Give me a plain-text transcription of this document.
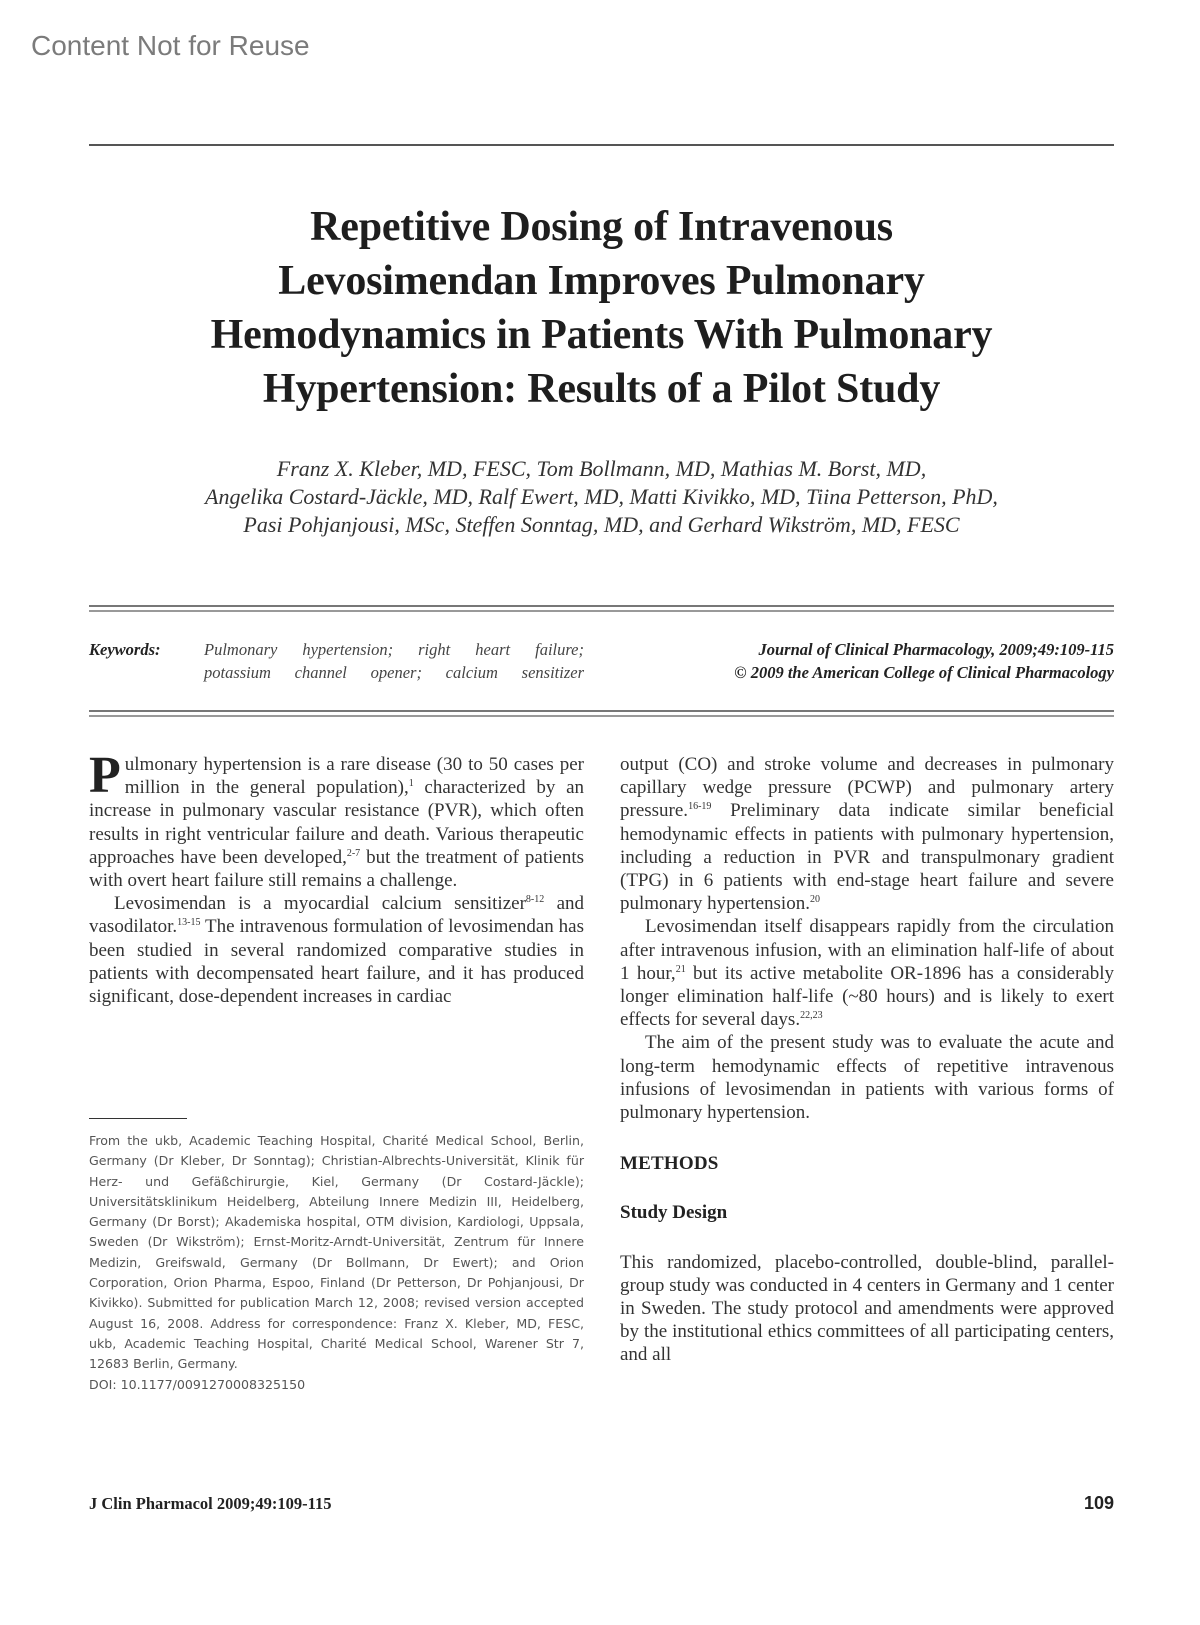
Content Not for Reuse
Repetitive Dosing of Intravenous
Levosimendan Improves Pulmonary
Hemodynamics in Patients With Pulmonary
Hypertension: Results of a Pilot Study
Franz X. Kleber, MD, FESC, Tom Bollmann, MD, Mathias M. Borst, MD,
Angelika Costard-Jäckle, MD, Ralf Ewert, MD, Matti Kivikko, MD, Tiina Petterson, PhD,
Pasi Pohjanjousi, MSc, Steffen Sonntag, MD, and Gerhard Wikström, MD, FESC
Keywords:	Pulmonary hypertension; right heart failure;
potassium channel opener; calcium sensitizer
Journal of Clinical Pharmacology, 2009;49:109-115
© 2009 the American College of Clinical Pharmacology

Pulmonary hypertension is a rare disease (30 to 50 cases per million in the general population),$^1$ characterized by an increase in pulmonary vascular resistance (PVR), which often results in right ventricular failure and death. Various therapeutic approaches have been developed,$^{2-7}$ but the treatment of patients with overt heart failure still remains a challenge.

Levosimendan is a myocardial calcium sensitizer$^{8-12}$ and vasodilator.$^{13-15}$ The intravenous formulation of levosimendan has been studied in several randomized comparative studies in patients with decompensated heart failure, and it has produced significant, dose-dependent increases in cardiac

From the ukb, Academic Teaching Hospital, Charité Medical School, Berlin, Germany (Dr Kleber, Dr Sonntag); Christian-Albrechts-Universität, Klinik für Herz- und Gefäßchirurgie, Kiel, Germany (Dr Costard-Jäckle); Universitätsklinikum Heidelberg, Abteilung Innere Medizin III, Heidelberg, Germany (Dr Borst); Akademiska hospital, OTM division, Kardiologi, Uppsala, Sweden (Dr Wikström); Ernst-Moritz-Arndt-Universität, Zentrum für Innere Medizin, Greifswald, Germany (Dr Bollmann, Dr Ewert); and Orion Corporation, Orion Pharma, Espoo, Finland (Dr Petterson, Dr Pohjanjousi, Dr Kivikko). Submitted for publication March 12, 2008; revised version accepted August 16, 2008. Address for correspondence: Franz X. Kleber, MD, FESC, ukb, Academic Teaching Hospital, Charité Medical School, Warener Str 7, 12683 Berlin, Germany.
DOI: 10.1177/0091270008325150

output (CO) and stroke volume and decreases in pulmonary capillary wedge pressure (PCWP) and pulmonary artery pressure.$^{16-19}$ Preliminary data indicate similar beneficial hemodynamic effects in patients with pulmonary hypertension, including a reduction in PVR and transpulmonary gradient (TPG) in 6 patients with end-stage heart failure and severe pulmonary hypertension.$^{20}$

Levosimendan itself disappears rapidly from the circulation after intravenous infusion, with an elimination half-life of about 1 hour,$^{21}$ but its active metabolite OR-1896 has a considerably longer elimination half-life (~80 hours) and is likely to exert effects for several days.$^{22,23}$

The aim of the present study was to evaluate the acute and long-term hemodynamic effects of repetitive intravenous infusions of levosimendan in patients with various forms of pulmonary hypertension.

METHODS

Study Design

This randomized, placebo-controlled, double-blind, parallel-group study was conducted in 4 centers in Germany and 1 center in Sweden. The study protocol and amendments were approved by the institutional ethics committees of all participating centers, and all

J Clin Pharmacol 2009;49:109-115	109
